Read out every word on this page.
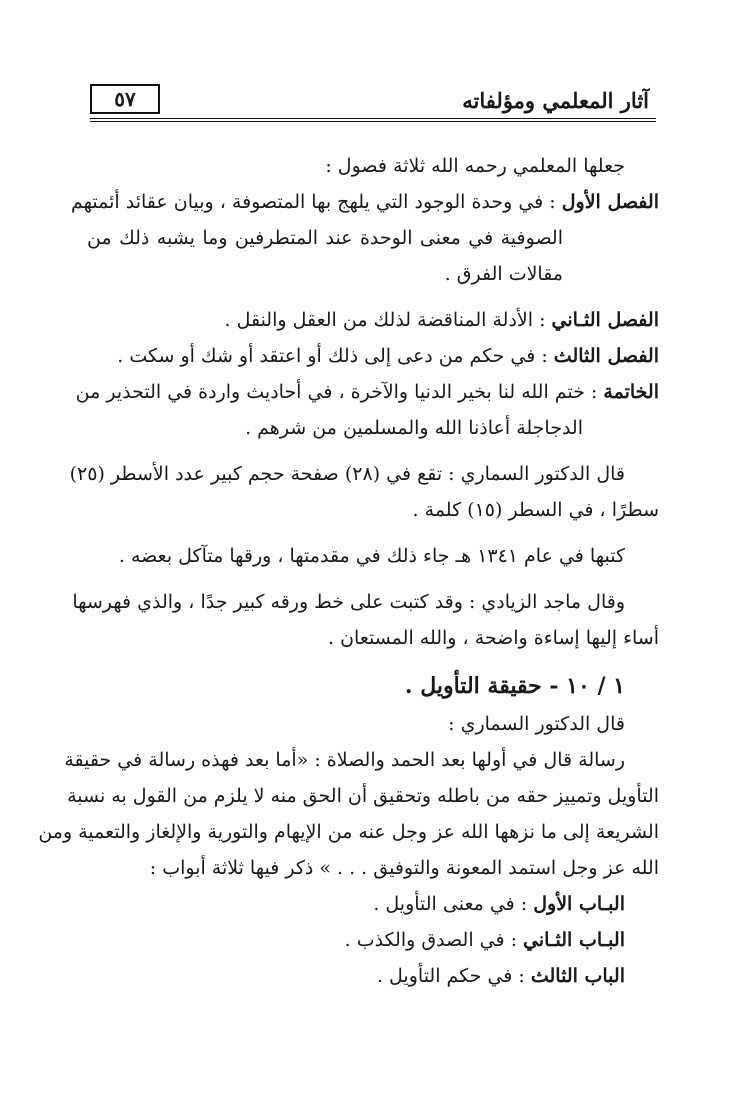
آثار المعلمي ومؤلفاته
٥٧
جعلها المعلمي رحمه الله ثلاثة فصول :
الفصل الأول : في وحدة الوجود التي يلهج بها المتصوفة ، وبيان عقائد أئمتهم
الصوفية في معنى الوحدة عند المتطرفين وما يشبه ذلك من
مقالات الفرق .
الفصل الثـاني : الأدلة المناقضة لذلك من العقل والنقل .
الفصل الثالث : في حكم من دعى إلى ذلك أو اعتقد أو شك أو سكت .
الخاتمة : ختم الله لنا بخير الدنيا والآخرة ، في أحاديث واردة في التحذير من
الدجاجلة أعاذنا الله والمسلمين من شرهم .
قال الدكتور السماري : تقع في (٢٨) صفحة حجم كبير عدد الأسطر (٢٥)
سطرًا ، في السطر (١٥) كلمة .
كتبها في عام ١٣٤١ هـ جاء ذلك في مقدمتها ، ورقها متآكل بعضه .
وقال ماجد الزيادي : وقد كتبت على خط ورقه كبير جدًا ، والذي فهرسها
أساء إليها إساءة واضحة ، والله المستعان .
١ / ١٠ - حقيقة التأويل .
قال الدكتور السماري :
رسالة قال في أولها بعد الحمد والصلاة : «أما بعد فهذه رسالة في حقيقة
التأويل وتمييز حقه من باطله وتحقيق أن الحق منه لا يلزم من القول به نسبة
الشريعة إلى ما نزهها الله عز وجل عنه من الإيهام والتورية والإلغاز والتعمية ومن
الله عز وجل استمد المعونة والتوفيق . . . » ذكر فيها ثلاثة أبواب :
البـاب الأول : في معنى التأويل .
البـاب الثـاني : في الصدق والكذب .
الباب الثالث : في حكم التأويل .
